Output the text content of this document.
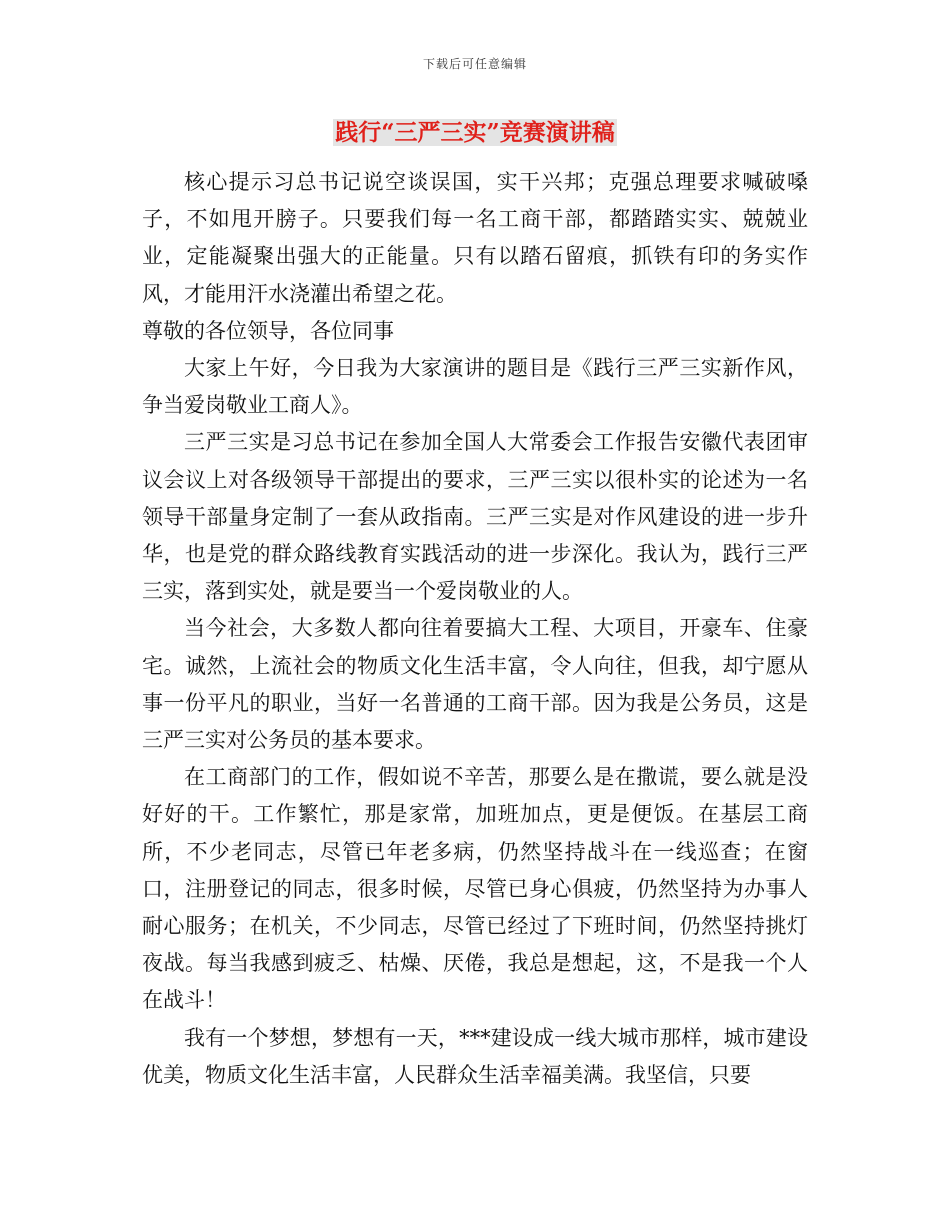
下载后可任意编辑
践行“三严三实”竞赛演讲稿

核心提示习总书记说空谈误国，实干兴邦；克强总理要求喊破嗓子，不如甩开膀子。只要我们每一名工商干部，都踏踏实实、兢兢业业，定能凝聚出强大的正能量。只有以踏石留痕，抓铁有印的务实作风，才能用汗水浇灌出希望之花。

尊敬的各位领导，各位同事

大家上午好，今日我为大家演讲的题目是《践行三严三实新作风，争当爱岗敬业工商人》。

三严三实是习总书记在参加全国人大常委会工作报告安徽代表团审议会议上对各级领导干部提出的要求，三严三实以很朴实的论述为一名领导干部量身定制了一套从政指南。三严三实是对作风建设的进一步升华，也是党的群众路线教育实践活动的进一步深化。我认为，践行三严三实，落到实处，就是要当一个爱岗敬业的人。

当今社会，大多数人都向往着要搞大工程、大项目，开豪车、住豪宅。诚然，上流社会的物质文化生活丰富，令人向往，但我，却宁愿从事一份平凡的职业，当好一名普通的工商干部。因为我是公务员，这是三严三实对公务员的基本要求。

在工商部门的工作，假如说不辛苦，那要么是在撒谎，要么就是没好好的干。工作繁忙，那是家常，加班加点，更是便饭。在基层工商所，不少老同志，尽管已年老多病，仍然坚持战斗在一线巡查；在窗口，注册登记的同志，很多时候，尽管已身心俱疲，仍然坚持为办事人耐心服务；在机关，不少同志，尽管已经过了下班时间，仍然坚持挑灯夜战。每当我感到疲乏、枯燥、厌倦，我总是想起，这，不是我一个人在战斗！

我有一个梦想，梦想有一天，***建设成一线大城市那样，城市建设优美，物质文化生活丰富，人民群众生活幸福美满。我坚信，只要
